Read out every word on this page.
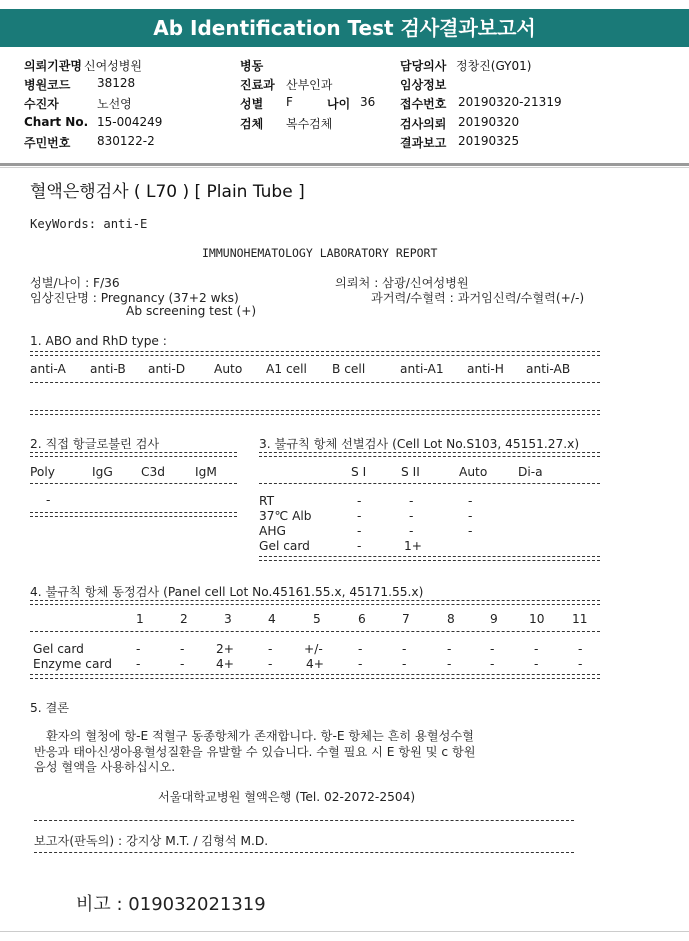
Ab Identification Test 검사결과보고서
의뢰기관명 신여성병원
병원코드 38128
수진자	노선영
Chart No. 15-004249
주민번호 830122-2
병동
진료과 산부인과
성별 F	나이 36
검체 복수검체
담당의사 정창진(GY01)
임상정보
접수번호 20190320-21319
검사의뢰 20190320
결과보고 20190325
혈액은행검사 ( L70 ) [ Plain Tube ]
KeyWords: anti-E
IMMUNOHEMATOLOGY LABORATORY REPORT
성별/나이 : F/36	의뢰처 : 삼광/신여성병원
임상진단명 : Pregnancy (37+2 wks)	과거력/수혈력 : 과거임신력/수혈력(+/-)
Ab screening test (+)
1. ABO and RhD type :
anti-A anti-B anti-D Auto A1 cell B cell	anti-A1 anti-H anti-AB
2. 직접 항글로불린 검사
Poly	IgG C3d IgM
-
3. 불규칙 항체 선별검사 (Cell Lot No.S103, 45151.27.x)
S I	S II	Auto	Di-a
RT	-	-	-
37℃ Alb	-	-	-
AHG	-	-	-
Gel card	-	1+
4. 불규칙 항체 동정검사 (Panel cell Lot No.45161.55.x, 45171.55.x)
1	2	3	4	5	6	7	8	9	10 11
Gel card	-	-	2+	-	+/-	-	-	-	-	-	-
Enzyme card -	-	4+	-	4+	-	-	-	-	-	-
5. 결론
환자의 혈청에 항-E 적혈구 동종항체가 존재합니다. 항-E 항체는 흔히 용혈성수혈
반응과 태아신생아용혈성질환을 유발할 수 있습니다. 수혈 필요 시 E 항원 및 c 항원
음성 혈액을 사용하십시오.
서울대학교병원 혈액은행 (Tel. 02-2072-2504)
보고자(판독의) : 강지상 M.T. / 김형석 M.D.
비고 : 019032021319
